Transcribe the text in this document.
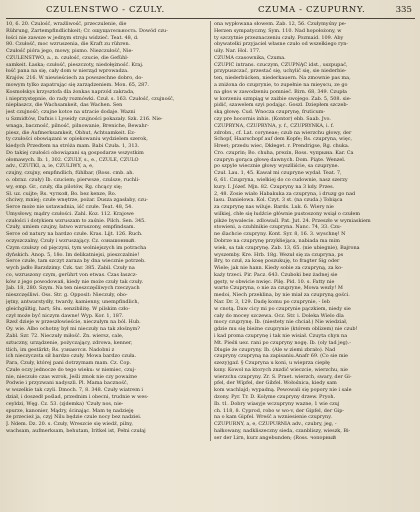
CZULENSTWO - CZULY.	CZUMA - CZUPURNY.	335
10, 6. 20. Czulość, wrażliwość, przeczulenie, die
Rührung, Zartempfindlichkeit; Cr. ощущательность. Dowód czu-
łości nie zawsze w jednym stroju widzieć. Teat. 48, d.
80. Czułość, moc wzruszenia, die Kraft zu rühren.
Czułość pióra jego, mowy, pismo. Niezczułość, Nie-
CZULENSTWO, a., n. czułość, czucie, die Gefühl-
samkeit. Łaska; czułość, pieszczoty, niedołężność. Kraj.
łość pana na się, cały dom w nierząd wprowadza.
Krajów. 216. W niewieściech za powszechne dobro, do-
mowym tylko zapatrując się zarządzeniem. Mon. 65, 287.
Kosmołskys krzysztofa dla żonkas naprzód zakrada,
i nieprzystępnie, do rady rozmówki. Czuł. s. 163. Czułość, czujność,
niepłaszcz, die Wachsamkeit, das Wachen. Sen
jest czujność; czujne kotce na utracie dodaje. Wazni
u Szmidtów, Dafnis i Lyseidy czujności pokazały. Szk. 216. Nie-
wnaga, baczność, pilność, pilnowanie, Breniche, Bewahr-
piesz, die Aufmerksamkeit, Obhut, Achtsamkeit. Ez-
ty czułości obowiązani w opiekowaniu wydzielem szerok,
kiedych Przedtem na stróża mam. Babi Czuła. 1, 313.
Do takiej czułości obowiązani są gospodarze wszystkim
ołomawych. Ib. 1, 302. CZULY, s., e., CZULE, CZULO
adv., CZUTKI, a, ie, CZULIWY, a, e,
czujny, czujny, empfindlich, fühlbar, (Ross. cmb. ah.
o. obraz. czuły) Ib. czuciem; pierwsze, czulsze, ruchli-
wy, emp. Gr., czuły, dla pilotów, Rg. chcący się;
Sl. uz. cuijte; Rs. чуткой, Bo. bez kenze, Ro.
chciwy, mniej; czułe wnętrze, pożar. Dusza zgasłaby, czu-
Serce może nie ustawadnia, iść czułe. Teat. 48, 54.
Umysłowy, mądry czułości. Zahl. Koz. 112. Krajowe
czułości i dotykiem wzruszam to zaśnie. Pilch. Sen. 345.
Czuły, umiem czujny, łatwo wzruszony, empfindsam.
Serce od natury na bardzo czułe. Kras. Lijt. 126. Ruch.
oczyszczalny, Czuły i wzruszający. Cz. ознашонный.
Czym czułszy od pięczyni, tym wolniejszych im potracha
dyńskich. Anop. 5, 18o. Im delikatniejsi, pieszczalnie!
Serce czułe, tam szczyt zaraza by dna wiecznie potrzeb.
wych jadło Barzdzimy. Czk. tar. 385. Zabil. Czuły na
co, wzruszony czym, gerührt von etwas. Czas łaszcz-
ków z jego powodowań, kiedy nie może czuły tak czuły.
Jab. 18, 280. Szym. Na ten nieszczęśliwych rzeczyach
nieszczęśliwi. Oss. Str. g. Opposit: Nieczuły, obo-
jętny, antwarstydły, twardy, kamienny, unempfindlich,
gleichgültig, hart; Słu. senzibilitę. W pilskim czło-
czył może być niczym dawne! Wyp. Kor. 1, 187.
Rzeź dzieje w przeszłowieście, nieczułym na ból. Hub.
Oy. wie. Albo ochotny był mi nieczuły na tak złośnym?
Zabl. Szr. 72. Nieczuły miłość. Zn. wiersz, cale,
sztuczny, urządzenie, pożyczający, zdrowa, kenner,
tlich, im gestärkt; Rs. узнаются. Nadobni z
ich nieczyczsta sił bardzo czuły. Mowa bardzo czuła.
Para, Czuły, której pani dotrzymam mam. Cz. Cop.
Czułe oczy jednocze do tego wieku: w niemiec, czuj-
nie, nieczuło czas wzrok, Jeśli zmok nie czy poważne
Podwie i przyzwani nadyszli. Pl. Mama baczność,
w wszelkie tak czyli. Dmoch. 7, 8. 348. Czuły wiatrem i
dział, i doszedł poślad, przednim i obecni, trudnie w wes-
ceyldzi, Węg. Cz. 53. (zjdemka) 'Czuły nos, nie-
spurze, kanonier, Mądry, ścinając. Mam tę nadzieję
że przecież ja, czyj Nilu będzie czule nocy bez nadziei.
J. Ndem. Dz. 20. s. Czuły, Wreszcie się wiedź, pilny,
wachsam, aufmerksam, behutam, Iritkel ist, Pełni czułaj
ona wypłowana słowem. Zab. 12, 56. Czułymyśny pe-
Herzen sympatyczny, Sym. 110. Nad hopołożony, w
ty szczytnie przeznaczeniu czuły. Pozmaid. 109. Aby
obywatelki przyjaciel własne czuło od wszelkiego ryn-
uiły. Nar. Hol. 177.
CZUMA czasownika, Czuma.
CZUPIĆ intrans. czuczym, CZUPNĄĆ idst., uszpupać,
przypuszczać, przestać się, uchylić się, sie niederbie-
ten, niederbücken, niederkauern. Na zmownie pas ma,
a zniżona do czuprynie, to zupełnie na mieyscu, ze go
na głos w zawodzeniu pomnieć. Birn. 68, 349. Czupła
w korzeniu szmpiąg w zażbie swojego. Zab. 5, 508. sie-
pidić, szawelem szyi podając. Goszl. Dziepłem szczeb-
ską głowę. Cud. Wnocza czuprynę, fruticum-
czy pre hocornis inhis. (Kontor) ebb. Saab. Jvo.
CZUPRYNA, CZUPRYNA, y. f., CZUPRYNKA, i. f.
zdrobn., cf. Lat. coryneae; czub na wierzchu głowy, der
Schopf, Haarschopf auf dem Kopfe; Rs. czupryna, więc,
Hreet; przedu wiec, Dkłeget. r. Prendrigse, Rg. chuka.
Cro. czuprin; Bo. chuha, prezin, Ross. чупрына. Kar. Ca
czupryn gorąca głowę dawnych. Dom. Piąte. Wenzel.
po szpyle wiecznie głowy wyszlliście, sa czupryne.
Czuł. Lau. 1, 45. Kawał mi czupryne wydał. Teat. 7,
6, 61. Czupryna, wielkiej do co cudownie, nasz szerzy
kury. I. Józef. Mjn. 82. Czupryny na 3 kdy. Przes.
2, 48. Zosie wiało Habakuka za czupryna, i druzg go nad
lasu. Danielowa. Kol. Czyt. 3 st. (na czuda.) Tobiąca
za czuprynę nas wiluje. Bards. Luk. 6. Wiery nie
wilkiej, chłe się łudźcie głównie pustoszony wsiął o czułem
pikże bywalecie. zdlowaśl. Pat. Jut. 24. Przeszło w wymiaskiem
stowieni, a czuhlnikie czupryna. Nanc. 74, 33. Czu-
ne ślachcie czupryny. Kont. Syr. 8, 16. 3. wyschnę! N
Dobrze na czuprynę przykłiejąca, nabiada ma mim
wiek, sa tak czuprynę. Zab. 13, 65. (nie ubiegnie), Bajrona
wyszemby. Kre. Hrb. 18g. Wezuł się za czupryna, ps
Bry, to czuł, za kosę poszukuję, to fragter Sig oder
Wiele; jak nie hann. Kiedy sobie za czupryną, za ko-
każy trzeci. Pir. Pacz. 643. Czuboki bez żadnej sie
gęsty, w obwicie nwięc. Pilę. Pid. 10. s. Fatty nie
warto Czupryna, o nie za czupryne, Mowa wezly! M
medoi, Niech przeklina, by nie miał za czupryną gości.
Nar. Dr. 3, 129. Dadę komu po czuprynie, - Ieb
w cnotą. Daw cicy mi po czuprynie pączkiem, niedy sie
cały do mocey szczewa. Ocz. Str. i. Doleka Wielo dla
mocy czuprynę. Ib. (niestety nie chciał.) Nie wiedział,
gdzie mu się bieżne czuprynie (którem oblizem) nie czub!
i kad proma czuprynę i tak nie wisiał. Czuyta chyn na
Mt. Pieśń uez. rani po czupryny nogę. Ib. (oly tad jeg).-
Dlugie że czupryny. Ib. (Ale w ziemi zbrało). Nad
czupryny czupryną na zapisaniu.Anafr 69. (Co sie mie
szezy)gaź. § Czupryna u koni, u wieprza ciepłę
ksny. Kowol na ktorych znzdić wieczcie, wierzchu, nie
wierzchu czupryny. Zr. S. Praet. wierzch, swary, der Gi-
pfel, der Wipfel, der Gibfel. Wołośnica, kiedy sam
kom wachlajd; wypadną. Pewowali się popory nie i sale
dzony. Pyr. Tr. D. Kolyme czupryny drzew. Pryoh.
Ib. t1. Dobry wiasyje wczupryny wazne, 1 wie czuj
ch. 118, 8. Cyprod, robo w wo-v, der Gipfel, der Gip-
na o kam Gipfel. Wreść a wzniesienie czupryny.
CZUPURNY, a, e, CZUPURNIA adv., czubry, jeg, -
hałkowany, nadkliszeczny sieda, czanbliszy, wieszk, Bi-
ser der Lirn, kurz angebunden; (Ross. чопорный
